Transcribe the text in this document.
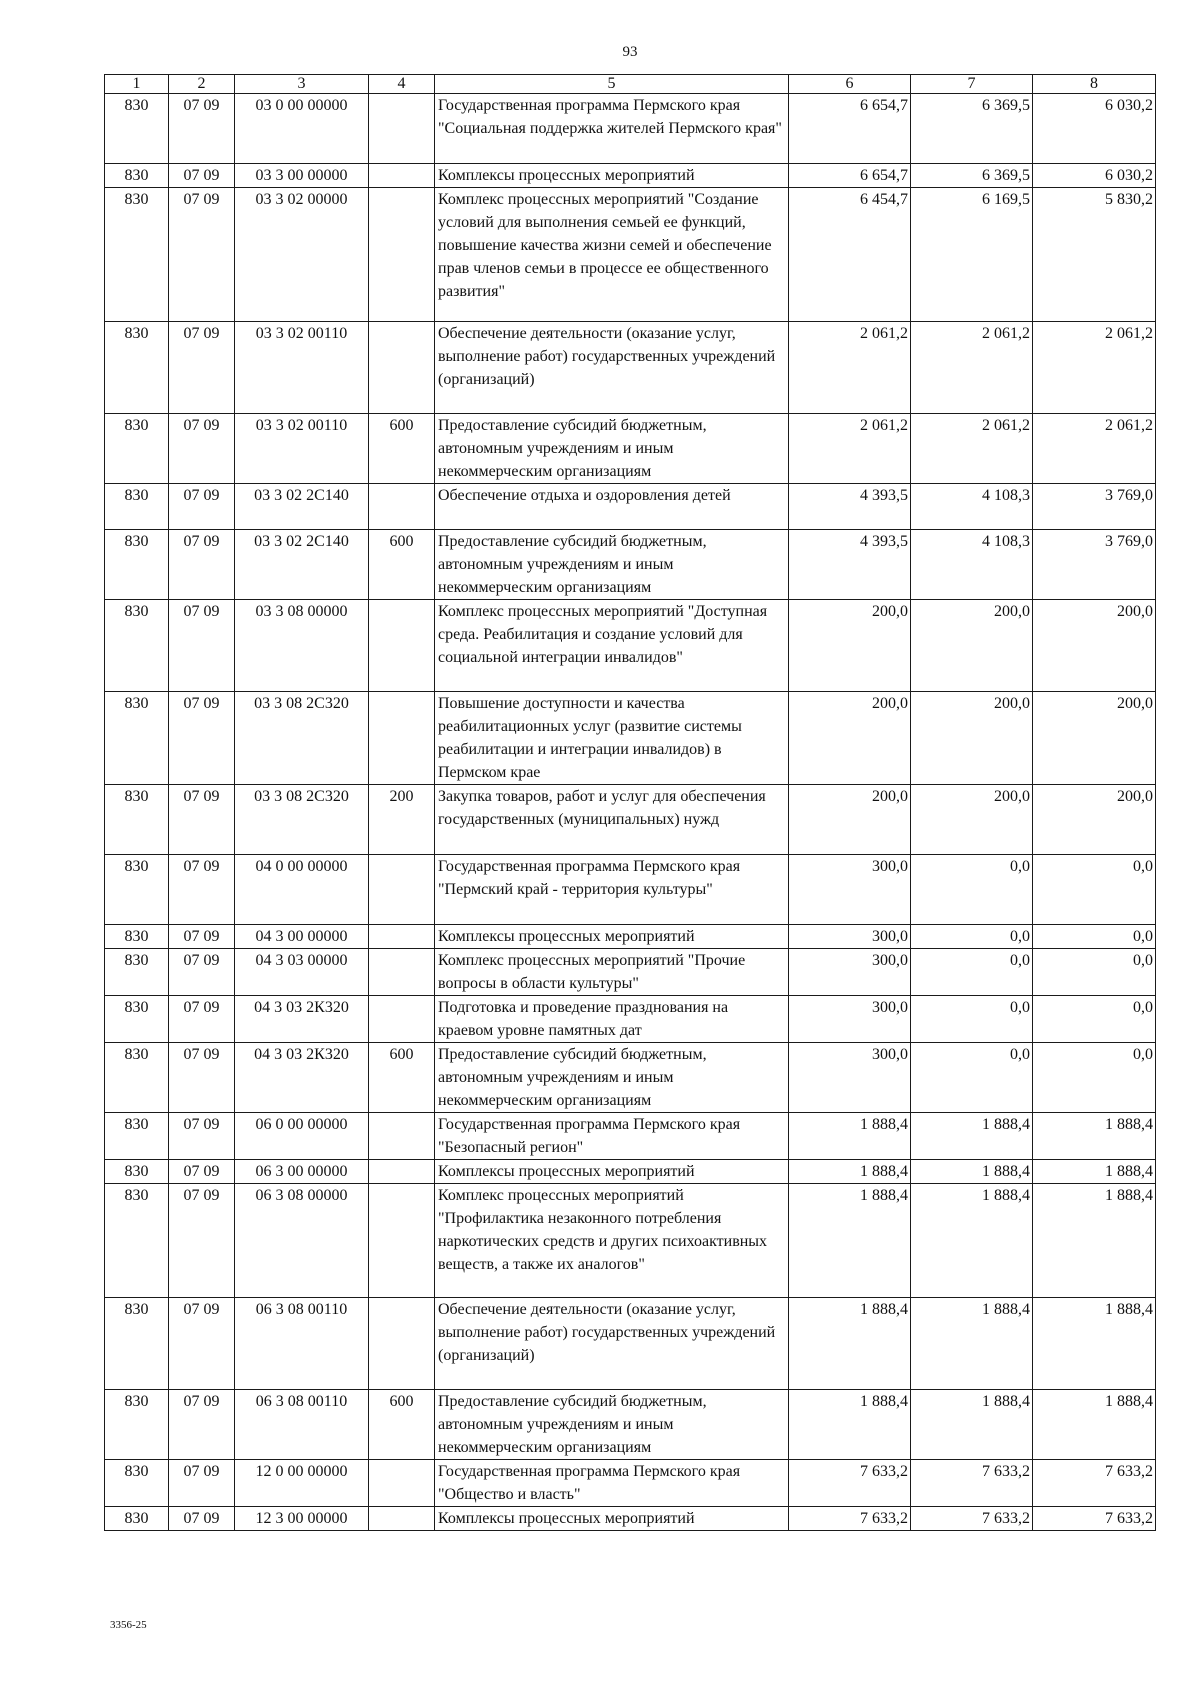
93
1	2	3	4	5	6	7	8
830	07 09	03 0 00 00000		Государственная программа Пермского края "Социальная поддержка жителей Пермского края"	6 654,7	6 369,5	6 030,2
830	07 09	03 3 00 00000		Комплексы процессных мероприятий	6 654,7	6 369,5	6 030,2
830	07 09	03 3 02 00000		Комплекс процессных мероприятий "Создание условий для выполнения семьей ее функций, повышение качества жизни семей и обеспечение прав членов семьи в процессе ее общественного развития"	6 454,7	6 169,5	5 830,2
830	07 09	03 3 02 00110		Обеспечение деятельности (оказание услуг, выполнение работ) государственных учреждений (организаций)	2 061,2	2 061,2	2 061,2
830	07 09	03 3 02 00110	600	Предоставление субсидий бюджетным, автономным учреждениям и иным некоммерческим организациям	2 061,2	2 061,2	2 061,2
830	07 09	03 3 02 2С140		Обеспечение отдыха и оздоровления детей	4 393,5	4 108,3	3 769,0
830	07 09	03 3 02 2С140	600	Предоставление субсидий бюджетным, автономным учреждениям и иным некоммерческим организациям	4 393,5	4 108,3	3 769,0
830	07 09	03 3 08 00000		Комплекс процессных мероприятий "Доступная среда. Реабилитация и создание условий для социальной интеграции инвалидов"	200,0	200,0	200,0
830	07 09	03 3 08 2С320		Повышение доступности и качества реабилитационных услуг (развитие системы реабилитации и интеграции инвалидов) в Пермском крае	200,0	200,0	200,0
830	07 09	03 3 08 2С320	200	Закупка товаров, работ и услуг для обеспечения государственных (муниципальных) нужд	200,0	200,0	200,0
830	07 09	04 0 00 00000		Государственная программа Пермского края "Пермский край - территория культуры"	300,0	0,0	0,0
830	07 09	04 3 00 00000		Комплексы процессных мероприятий	300,0	0,0	0,0
830	07 09	04 3 03 00000		Комплекс процессных мероприятий "Прочие вопросы в области культуры"	300,0	0,0	0,0
830	07 09	04 3 03 2К320		Подготовка и проведение празднования на краевом уровне памятных дат	300,0	0,0	0,0
830	07 09	04 3 03 2К320	600	Предоставление субсидий бюджетным, автономным учреждениям и иным некоммерческим организациям	300,0	0,0	0,0
830	07 09	06 0 00 00000		Государственная программа Пермского края "Безопасный регион"	1 888,4	1 888,4	1 888,4
830	07 09	06 3 00 00000		Комплексы процессных мероприятий	1 888,4	1 888,4	1 888,4
830	07 09	06 3 08 00000		Комплекс процессных мероприятий "Профилактика незаконного потребления наркотических средств и других психоактивных веществ, а также их аналогов"	1 888,4	1 888,4	1 888,4
830	07 09	06 3 08 00110		Обеспечение деятельности (оказание услуг, выполнение работ) государственных учреждений (организаций)	1 888,4	1 888,4	1 888,4
830	07 09	06 3 08 00110	600	Предоставление субсидий бюджетным, автономным учреждениям и иным некоммерческим организациям	1 888,4	1 888,4	1 888,4
830	07 09	12 0 00 00000		Государственная программа Пермского края "Общество и власть"	7 633,2	7 633,2	7 633,2
830	07 09	12 3 00 00000		Комплексы процессных мероприятий	7 633,2	7 633,2	7 633,2
3356-25
